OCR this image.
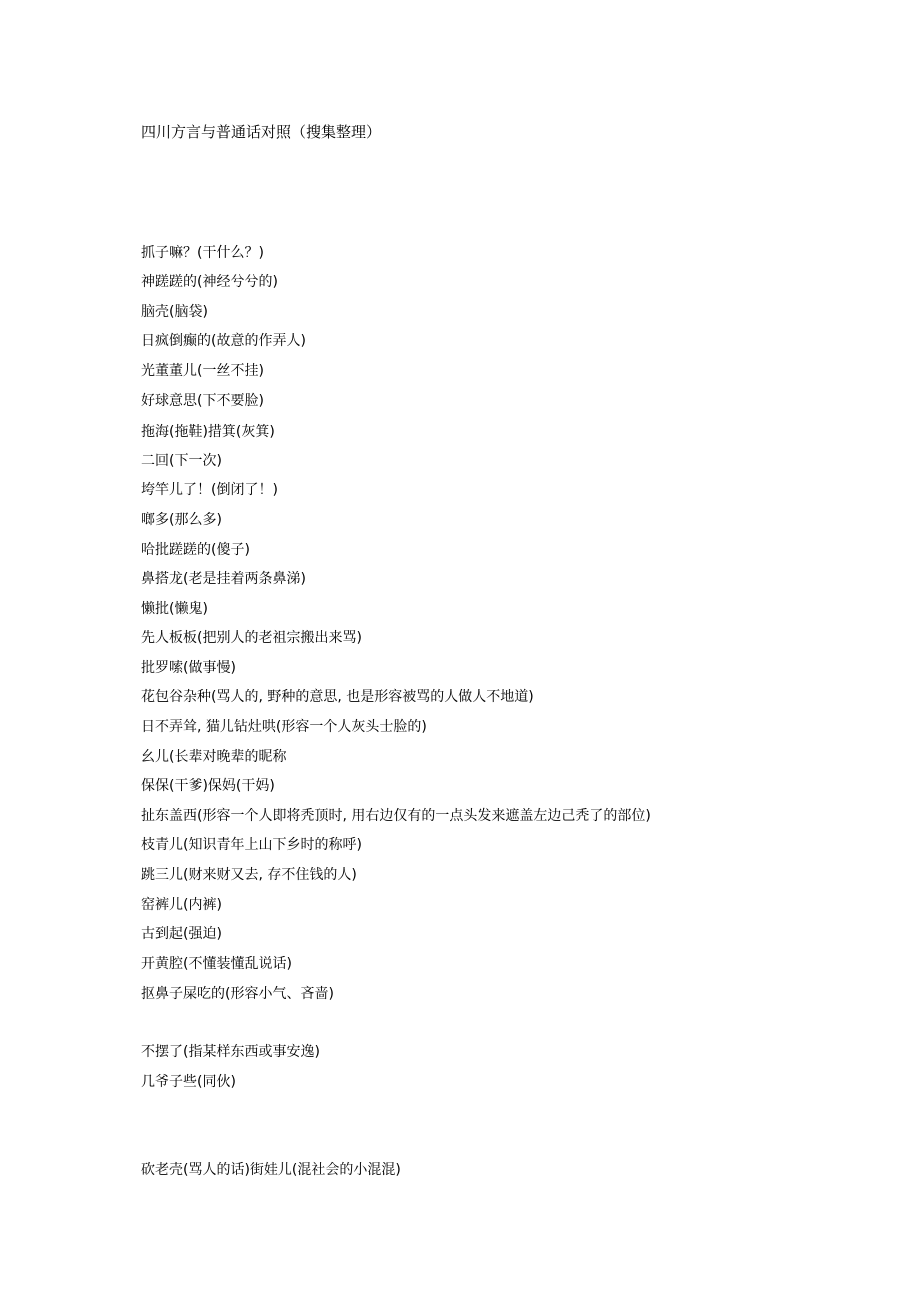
四川方言与普通话对照（搜集整理）
抓子嘛？(干什么？)
神蹉蹉的(神经兮兮的)
脑壳(脑袋)
日疯倒癫的(故意的作弄人)
光董董儿(一丝不挂)
好球意思(下不要脸)
拖海(拖鞋)措箕(灰箕)
二回(下一次)
垮竿儿了！(倒闭了！)
啷多(那么多)
哈批蹉蹉的(傻子)
鼻搭龙(老是挂着两条鼻涕)
懒批(懒鬼)
先人板板(把别人的老祖宗搬出来骂)
批罗嗦(做事慢)
花包谷杂种(骂人的, 野种的意思, 也是形容被骂的人做人不地道)
日不弄耸, 猫儿钻灶哄(形容一个人灰头士脸的)
幺儿(长辈对晚辈的昵称
保保(干爹)保妈(干妈)
扯东盖西(形容一个人即将秃顶时, 用右边仅有的一点头发来遮盖左边己秃了的部位)
枝青儿(知识青年上山下乡时的称呼)
跳三儿(财来财又去, 存不住钱的人)
窑裤儿(内裤)
古到起(强迫)
开黄腔(不懂装懂乱说话)
抠鼻子屎吃的(形容小气、吝啬)
不摆了(指某样东西或事安逸)
几爷子些(同伙)
砍老壳(骂人的话)街娃儿(混社会的小混混)
